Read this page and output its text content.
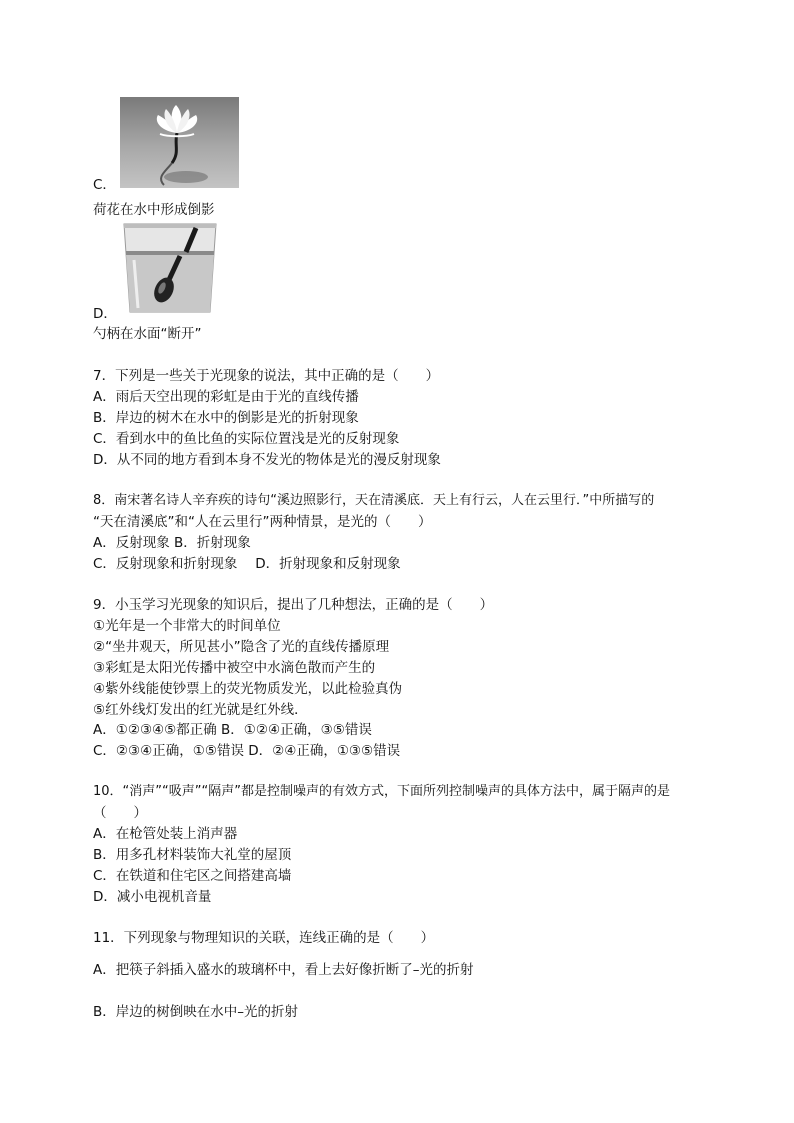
C．

荷花在水中形成倒影

D．

勺柄在水面“断开”

7．下列是一些关于光现象的说法，其中正确的是（　　）

A．雨后天空出现的彩虹是由于光的直线传播

B．岸边的树木在水中的倒影是光的折射现象

C．看到水中的鱼比鱼的实际位置浅是光的反射现象

D．从不同的地方看到本身不发光的物体是光的漫反射现象

8．南宋著名诗人辛弃疾的诗句“溪边照影行，天在清溪底．天上有行云，人在云里行．”中所描写的

“天在清溪底”和“人在云里行”两种情景，是光的（　　）

A．反射现象 B．折射现象

C．反射现象和折射现象　 D．折射现象和反射现象

9．小玉学习光现象的知识后，提出了几种想法，正确的是（　　）

①光年是一个非常大的时间单位

②“坐井观天，所见甚小”隐含了光的直线传播原理

③彩虹是太阳光传播中被空中水滴色散而产生的

④紫外线能使钞票上的荧光物质发光，以此检验真伪

⑤红外线灯发出的红光就是红外线．

A．①②③④⑤都正确 B．①②④正确，③⑤错误

C．②③④正确，①⑤错误 D．②④正确，①③⑤错误

10．“消声”“吸声”“隔声”都是控制噪声的有效方式，下面所列控制噪声的具体方法中，属于隔声的是

（　　）

A．在枪管处装上消声器

B．用多孔材料装饰大礼堂的屋顶

C．在铁道和住宅区之间搭建高墙

D．减小电视机音量

11．下列现象与物理知识的关联，连线正确的是（　　）

A．把筷子斜插入盛水的玻璃杯中，看上去好像折断了–光的折射

B．岸边的树倒映在水中–光的折射
